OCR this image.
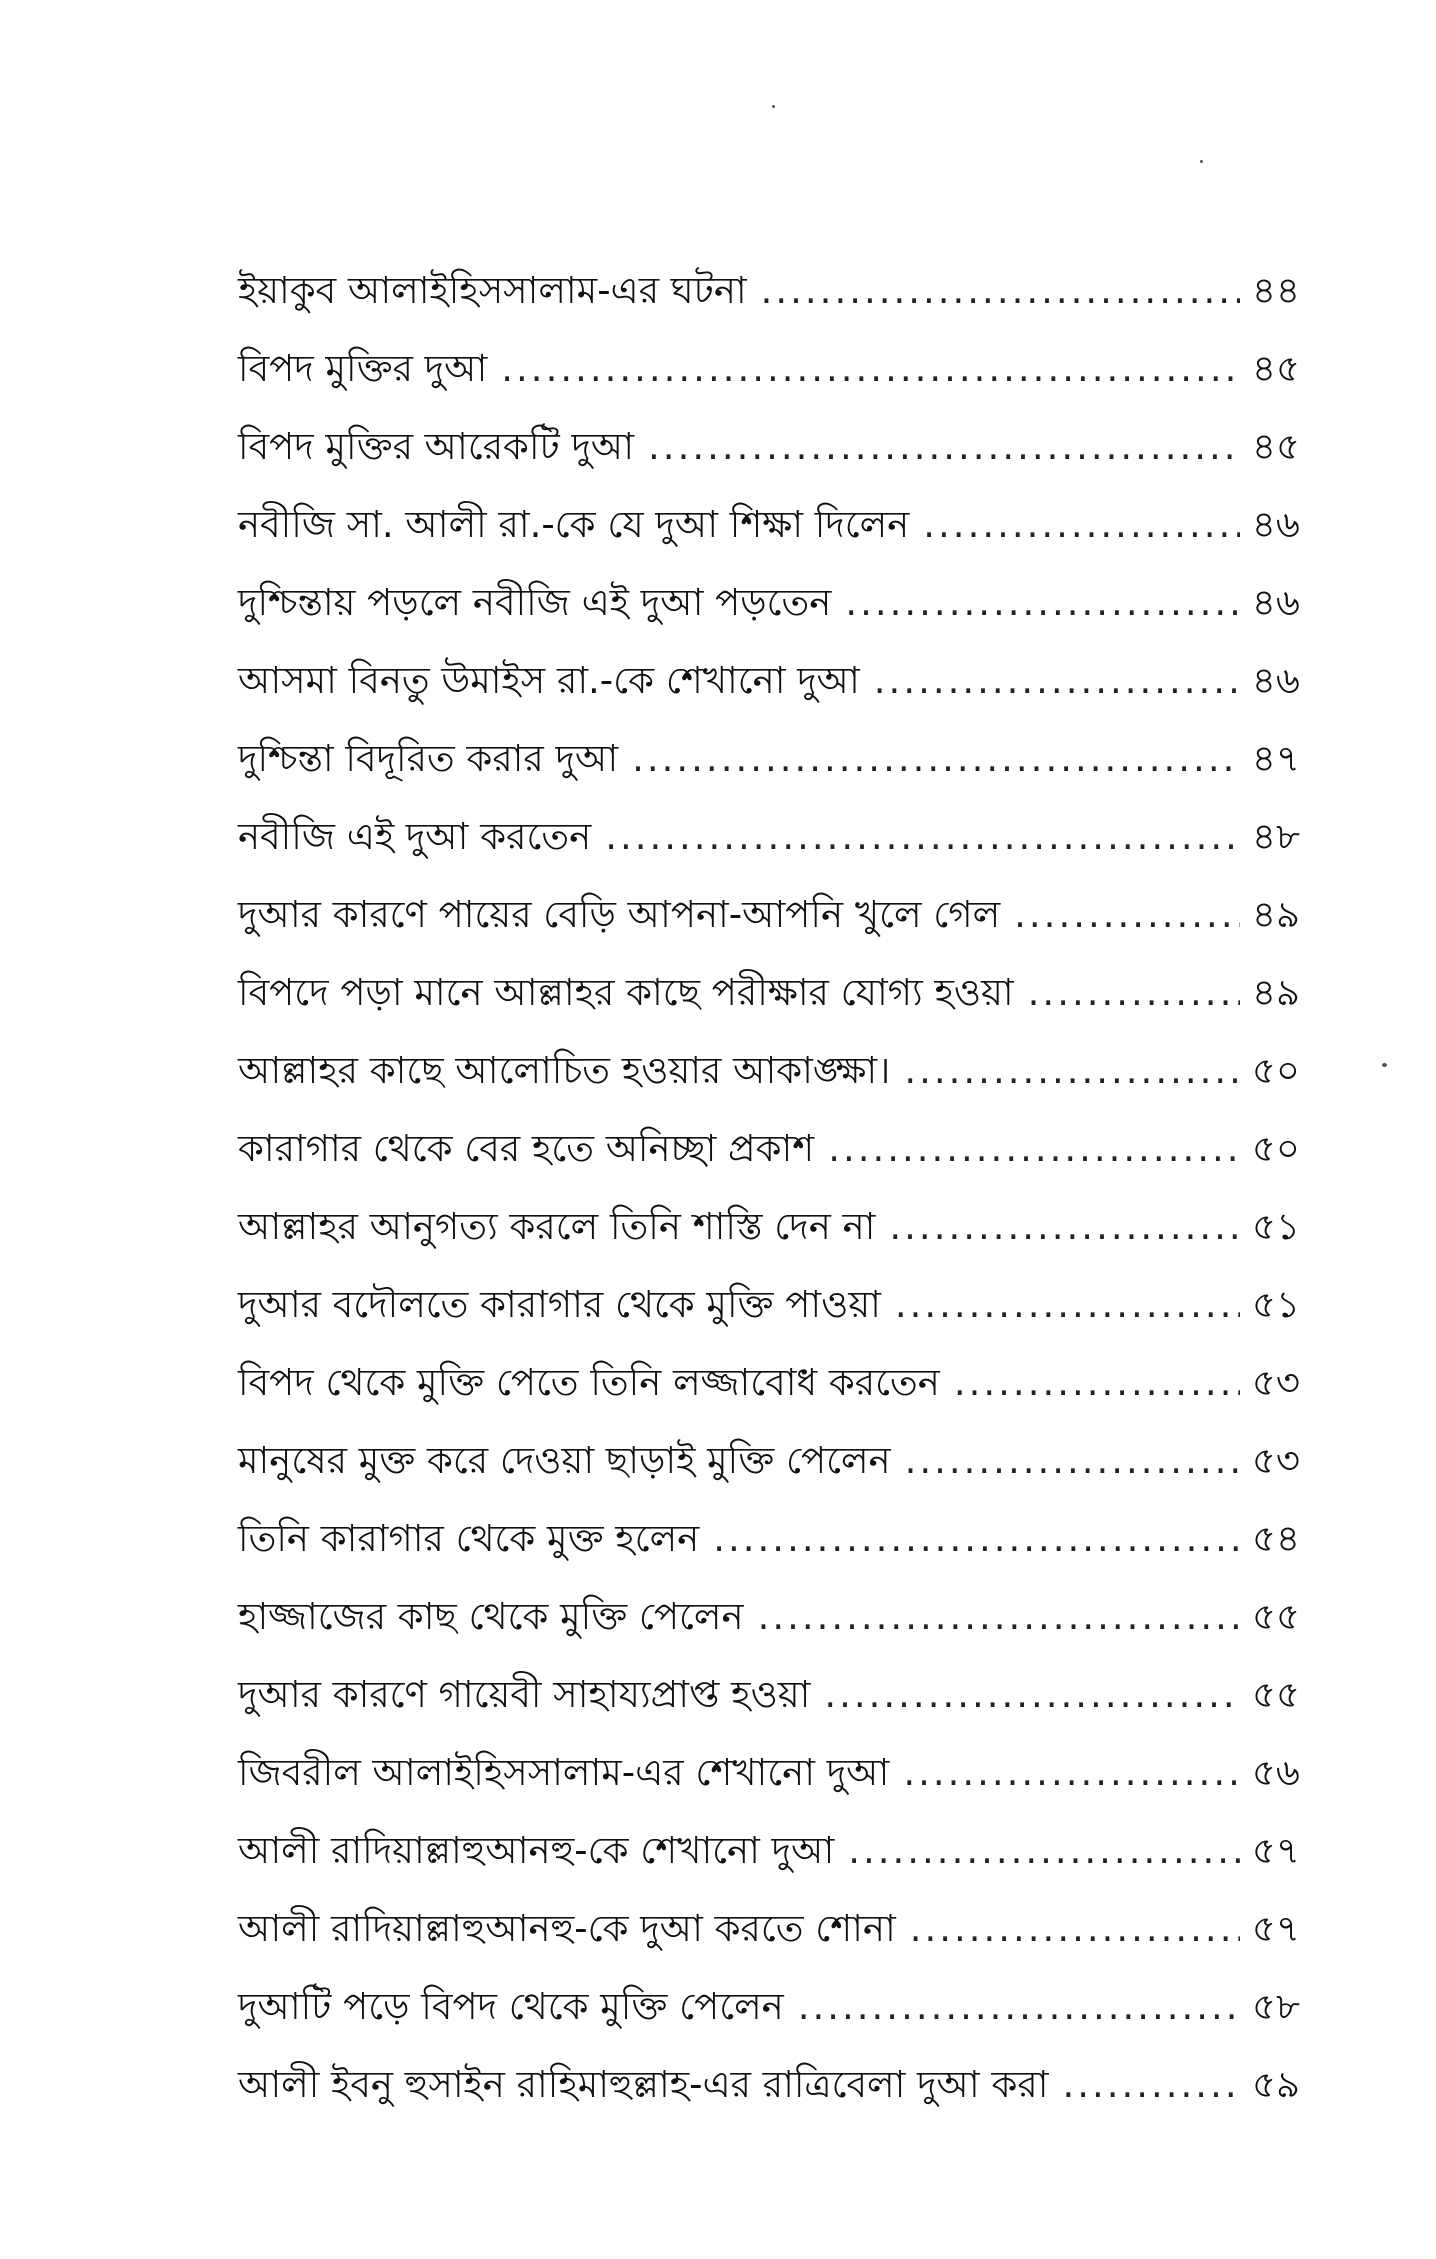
ইয়াকুব আলাইহিসসালাম-এর ঘটনা .....	৪৪
বিপদ মুক্তির দুআ .....	৪৫
বিপদ মুক্তির আরেকটি দুআ .....	৪৫
নবীজি সা. আলী রা.-কে যে দুআ শিক্ষা দিলেন .....	৪৬
দুশ্চিন্তায় পড়লে নবীজি এই দুআ পড়তেন .....	৪৬
আসমা বিনতু উমাইস রা.-কে শেখানো দুআ .....	৪৬
দুশ্চিন্তা বিদূরিত করার দুআ .....	৪৭
নবীজি এই দুআ করতেন .....	৪৮
দুআর কারণে পায়ের বেড়ি আপনা-আপনি খুলে গেল .....	৪৯
বিপদে পড়া মানে আল্লাহর কাছে পরীক্ষার যোগ্য হওয়া .....	৪৯
আল্লাহর কাছে আলোচিত হওয়ার আকাঙ্ক্ষা। .....	৫০
কারাগার থেকে বের হতে অনিচ্ছা প্রকাশ .....	৫০
আল্লাহর আনুগত্য করলে তিনি শাস্তি দেন না .....	৫১
দুআর বদৌলতে কারাগার থেকে মুক্তি পাওয়া .....	৫১
বিপদ থেকে মুক্তি পেতে তিনি লজ্জাবোধ করতেন .....	৫৩
মানুষের মুক্ত করে দেওয়া ছাড়াই মুক্তি পেলেন .....	৫৩
তিনি কারাগার থেকে মুক্ত হলেন .....	৫৪
হাজ্জাজের কাছ থেকে মুক্তি পেলেন .....	৫৫
দুআর কারণে গায়েবী সাহায্যপ্রাপ্ত হওয়া .....	৫৫
জিবরীল আলাইহিসসালাম-এর শেখানো দুআ .....	৫৬
আলী রাদিয়াল্লাহুআনহু-কে শেখানো দুআ .....	৫৭
আলী রাদিয়াল্লাহুআনহু-কে দুআ করতে শোনা .....	৫৭
দুআটি পড়ে বিপদ থেকে মুক্তি পেলেন .....	৫৮
আলী ইবনু হুসাইন রাহিমাহুল্লাহ-এর রাত্রিবেলা দুআ করা .....	৫৯
